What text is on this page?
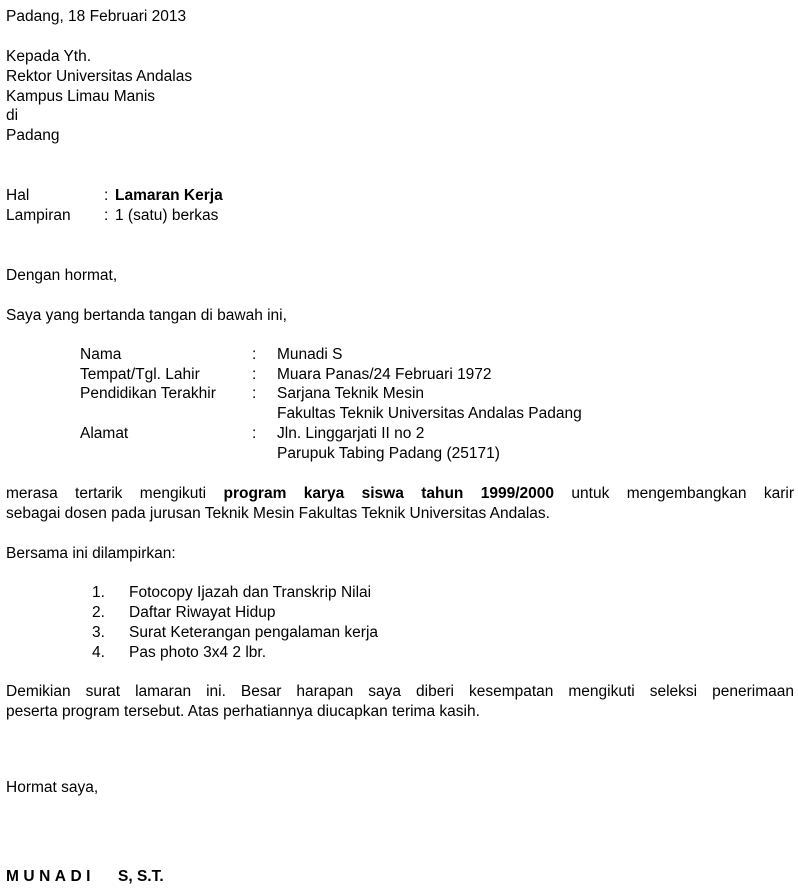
Padang, 18 Februari 2013
Kepada Yth.
Rektor Universitas Andalas
Kampus Limau Manis
di
Padang
Hal	: Lamaran Kerja
Lampiran : 1 (satu) berkas
Dengan hormat,
Saya yang bertanda tangan di bawah ini,
Nama	: Munadi S
Tempat/Tgl. Lahir	: Muara Panas/24 Februari 1972
Pendidikan Terakhir : Sarjana Teknik Mesin
Fakultas Teknik Universitas Andalas Padang
Alamat	: Jln. Linggarjati II no 2
Parupuk Tabing Padang (25171)
merasa tertarik mengikuti program karya siswa tahun 1999/2000 untuk mengembangkan karir
sebagai dosen pada jurusan Teknik Mesin Fakultas Teknik Universitas Andalas.
Bersama ini dilampirkan:
1. Fotocopy Ijazah dan Transkrip Nilai
2. Daftar Riwayat Hidup
3. Surat Keterangan pengalaman kerja
4. Pas photo 3x4 2 lbr.
Demikian surat lamaran ini. Besar harapan saya diberi kesempatan mengikuti seleksi penerimaan
peserta program tersebut. Atas perhatiannya diucapkan terima kasih.
Hormat saya,
MUNADI S, S.T.
